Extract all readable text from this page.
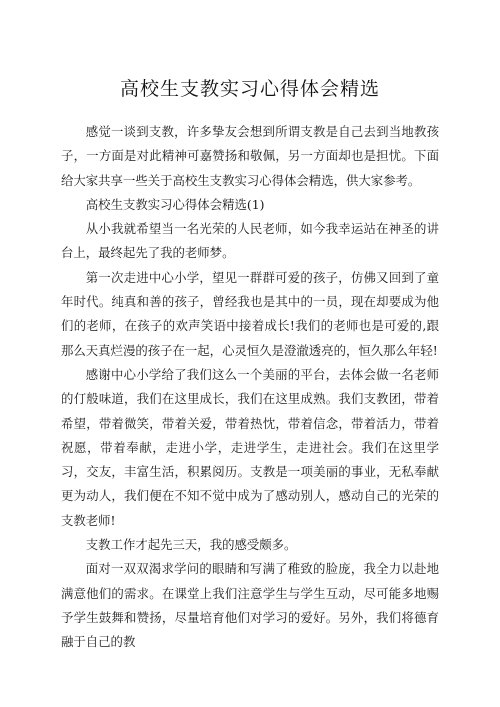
高校生支教实习心得体会精选

感觉一谈到支教，许多挚友会想到所谓支教是自己去到当地教孩子，一方面是对此精神可嘉赞扬和敬佩，另一方面却也是担忧。下面给大家共享一些关于高校生支教实习心得体会精选，供大家参考。

高校生支教实习心得体会精选(1)

从小我就希望当一名光荣的人民老师，如今我幸运站在神圣的讲台上，最终起先了我的老师梦。

第一次走进中心小学，望见一群群可爱的孩子，仿佛又回到了童年时代。纯真和善的孩子，曾经我也是其中的一员，现在却要成为他们的老师，在孩子的欢声笑语中接着成长!我们的老师也是可爱的,跟那么天真烂漫的孩子在一起，心灵恒久是澄澈透亮的，恒久那么年轻!

感谢中心小学给了我们这么一个美丽的平台，去体会做一名老师的仃般味道，我们在这里成长，我们在这里成熟。我们支教团，带着希望，带着微笑，带着关爱，带着热忱，带着信念，带着活力，带着祝愿，带着奉献，走进小学，走进学生，走进社会。我们在这里学习，交友，丰富生活，积累阅历。支教是一项美丽的事业，无私奉献更为动人，我们便在不知不觉中成为了感动别人，感动自己的光荣的支教老师!

支教工作才起先三天，我的感受颇多。

面对一双双渴求学问的眼睛和写满了稚致的脸庞，我全力以赴地满意他们的需求。在课堂上我们注意学生与学生互动，尽可能多地赐予学生鼓舞和赞扬，尽量培育他们对学习的爱好。另外，我们将德育融于自己的教
